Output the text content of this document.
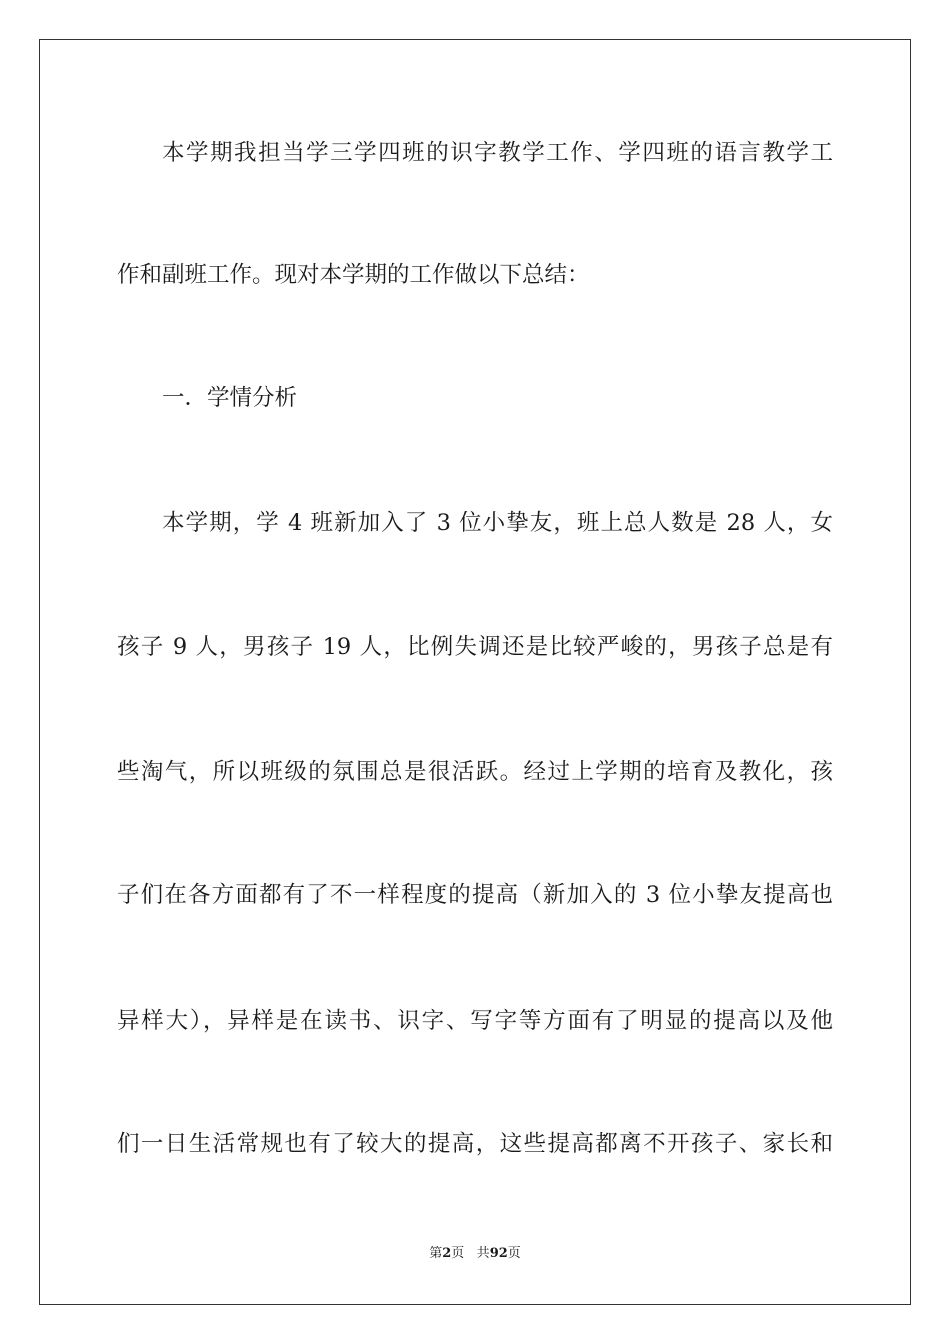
本学期我担当学三学四班的识字教学工作、学四班的语言教学工
作和副班工作。现对本学期的工作做以下总结：
一．学情分析
本学期，学 4 班新加入了 3 位小挚友，班上总人数是 28 人，女
孩子 9 人，男孩子 19 人，比例失调还是比较严峻的，男孩子总是有
些淘气，所以班级的氛围总是很活跃。经过上学期的培育及教化，孩
子们在各方面都有了不一样程度的提高（新加入的 3 位小挚友提高也
异样大），异样是在读书、识字、写字等方面有了明显的提高以及他
们一日生活常规也有了较大的提高，这些提高都离不开孩子、家长和
第2页 共92页
